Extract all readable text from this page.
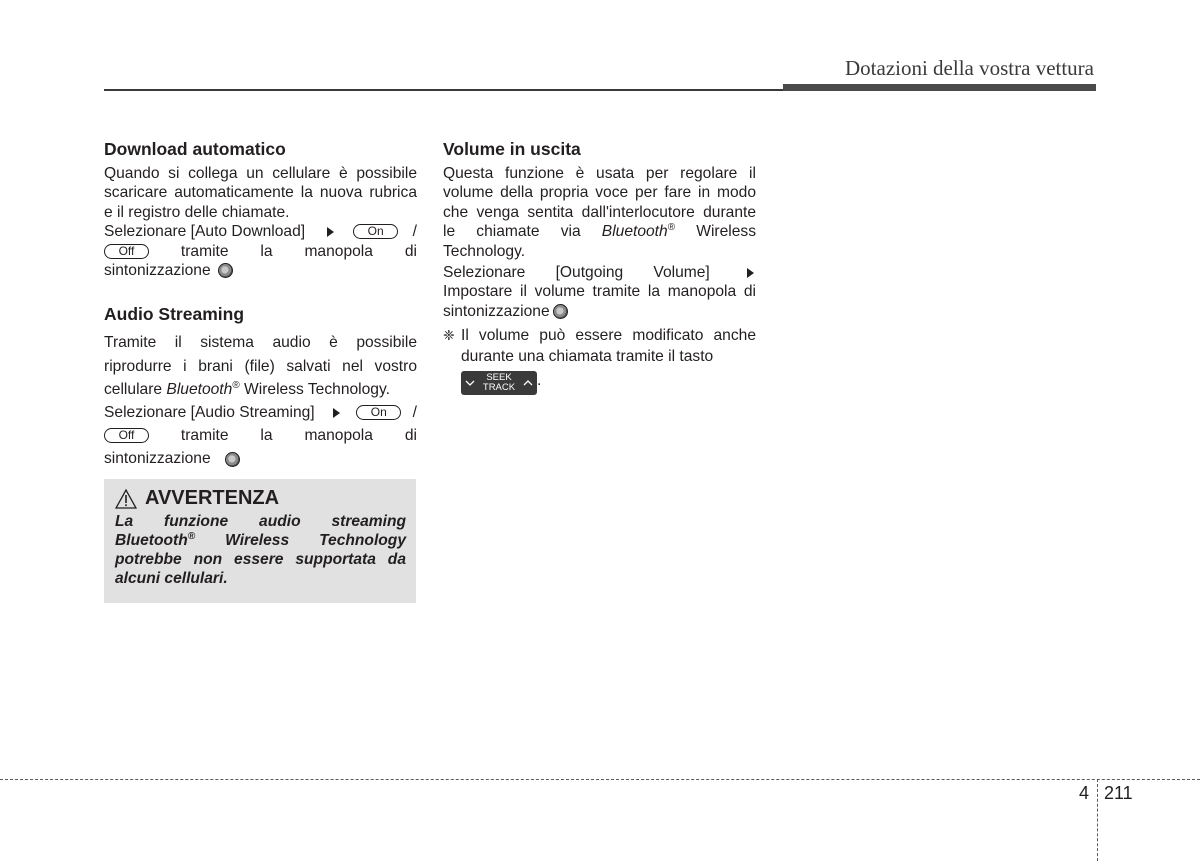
Dotazioni della vostra vettura
Download automatico

Quando si collega un cellulare è possibile scaricare automaticamente la nuova rubrica e il registro delle chiamate.

Selezionare [Auto Download]	On	/
Off	tramite la manopola di
sintonizzazione
Audio Streaming

Tramite il sistema audio è possibile riprodurre i brani (file) salvati nel vostro cellulare Bluetooth® Wireless Technology.

Selezionare [Audio Streaming]	On	/
Off	tramite la manopola di
sintonizzazione
AVVERTENZA
La funzione audio streaming Bluetooth® Wireless Technology potrebbe non essere supportata da alcuni cellulari.
Volume in uscita

Questa funzione è usata per regolare il volume della propria voce per fare in modo che venga sentita dall'interlocutore durante le chiamate via Bluetooth® Wireless Technology.

Selezionare [Outgoing Volume]

Impostare il volume tramite la manopola di sintonizzazione

❈ Il volume può essere modificato anche durante una chiamata tramite il tasto
SEEK
TRACK .
4 211
